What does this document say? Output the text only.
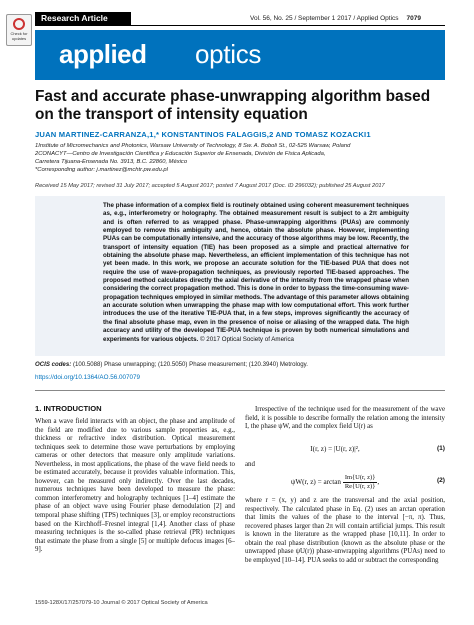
Check for updates
Research Article	Vol. 56, No. 25 / September 1 2017 / Applied Optics 7079
applied optics
Fast and accurate phase-unwrapping algorithm based on the transport of intensity equation
JUAN MARTINEZ-CARRANZA,1,* KONSTANTINOS FALAGGIS,2 AND TOMASZ KOZACKI1
1Institute of Micromechanics and Photonics, Warsaw University of Technology, 8 Sw. A. Boboli St., 02-525 Warsaw, Poland
2CONACYT—Centro de Investigación Científica y Educación Superior de Ensenada, División de Física Aplicada,
Carretera Tijuana-Ensenada No. 3913, B.C. 22860, México
*Corresponding author: j.martinez@mchtr.pw.edu.pl
Received 15 May 2017; revised 31 July 2017; accepted 5 August 2017; posted 7 August 2017 (Doc. ID 296032); published 25 August 2017

The phase information of a complex field is routinely obtained using coherent measurement techniques as, e.g., interferometry or holography. The obtained measurement result is subject to a 2π ambiguity and is often referred to as wrapped phase. Phase-unwrapping algorithms (PUAs) are commonly employed to remove this ambiguity and, hence, obtain the absolute phase. However, implementing PUAs can be computationally intensive, and the accuracy of those algorithms may be low. Recently, the transport of intensity equation (TIE) has been proposed as a simple and practical alternative for obtaining the absolute phase map. Nevertheless, an efficient implementation of this technique has not yet been made. In this work, we propose an accurate solution for the TIE-based PUA that does not require the use of wave-propagation techniques, as previously reported TIE-based approaches. The proposed method calculates directly the axial derivative of the intensity from the wrapped phase when considering the correct propagation method. This is done in order to bypass the time-consuming wave-propagation techniques employed in similar methods. The advantage of this parameter allows obtaining an accurate solution when unwrapping the phase map with low computational effort. This work further introduces the use of the iterative TIE-PUA that, in a few steps, improves significantly the accuracy of the final absolute phase map, even in the presence of noise or aliasing of the wrapped data. The high accuracy and utility of the developed TIE-PUA technique is proven by both numerical simulations and experiments for various objects. © 2017 Optical Society of America

OCIS codes: (100.5088) Phase unwrapping; (120.5050) Phase measurement; (120.3940) Metrology.
https://doi.org/10.1364/AO.56.007079
1. INTRODUCTION
When a wave field interacts with an object, the phase and amplitude of the field are modified due to various sample properties as, e.g., thickness or refractive index distribution. Optical measurement techniques seek to determine those wave perturbations by employing cameras or other detectors that measure only amplitude variations. Nevertheless, in most applications, the phase of the wave field needs to be estimated accurately, because it provides valuable information. This, however, can be measured only indirectly. Over the last decades, numerous techniques have been developed to measure the phase: common interferometry and holography techniques [1–4] estimate the phase of an object wave using Fourier phase demodulation [2] and temporal phase shifting (TPS) techniques [3], or employ reconstructions based on the Kirchhoff–Fresnel integral [1,4]. Another class of phase measuring techniques is the so-called phase retrieval (PR) techniques that estimate the phase from a single [5] or multiple defocus images [6–9].
Irrespective of the technique used for the measurement of the wave field, it is possible to describe formally the relation among the intensity I, the phase ψW, and the complex field U(r) as
I(r, z) = |U(r, z)|²,	(1)
and
ψW(r, $z) = \arctan \frac{Im\{U(r, z)\}}{Re\{U(r, z)\}}$ ,	(2)
where r = (x, y) and z are the transversal and the axial position, respectively. The calculated phase in Eq. (2) uses an arctan operation that limits the values of the phase to the interval [−π, π). Thus, recovered phases larger than 2π will contain artificial jumps. This result is known in the literature as the wrapped phase [10,11]. In order to obtain the real phase distribution (known as the absolute phase or the unwrapped phase ψU(r)) phase-unwrapping algorithms (PUAs) need to be employed [10–14]. PUA seeks to add or subtract the corresponding
1559-128X/17/257079-10 Journal © 2017 Optical Society of America
